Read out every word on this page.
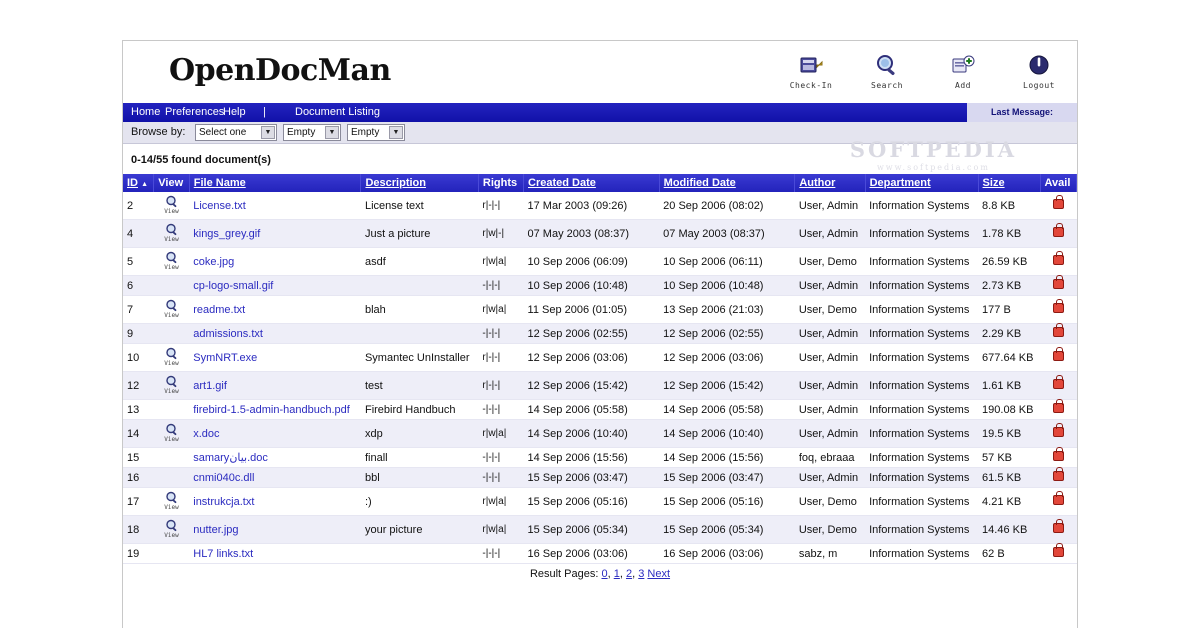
OpenDocMan	Check-In	Search	Add	Logout
Home Preferences
Help |	Document Listing	Last Message:
Browse by:	Select one	▼	Empty	▼	Empty	▼
0-14/55 found document(s)
ID ▲	View	File Name	Description	Rights	Created Date	Modified Date	Author	Department	Size	Avail
2	View	License.txt	License text	r|-|-|	17 Mar 2003 (09:26)	20 Sep 2006 (08:02)	User, Admin	Information Systems	8.8 KB	
4	View	kings_grey.gif	Just a picture	r|w|-|	07 May 2003 (08:37)	07 May 2003 (08:37)	User, Admin	Information Systems	1.78 KB	
5	View	coke.jpg	asdf	r|w|a|	10 Sep 2006 (06:09)	10 Sep 2006 (06:11)	User, Demo	Information Systems	26.59 KB	
6		cp-logo-small.gif		-|-|-|	10 Sep 2006 (10:48)	10 Sep 2006 (10:48)	User, Admin	Information Systems	2.73 KB	
7	View	readme.txt	blah	r|w|a|	11 Sep 2006 (01:05)	13 Sep 2006 (21:03)	User, Demo	Information Systems	177 B	
9		admissions.txt		-|-|-|	12 Sep 2006 (02:55)	12 Sep 2006 (02:55)	User, Admin	Information Systems	2.29 KB	
10	View	SymNRT.exe	Symantec UnInstaller	r|-|-|	12 Sep 2006 (03:06)	12 Sep 2006 (03:06)	User, Admin	Information Systems	677.64 KB	
12	View	art1.gif	test	r|-|-|	12 Sep 2006 (15:42)	12 Sep 2006 (15:42)	User, Admin	Information Systems	1.61 KB	
13		firebird-1.5-admin-handbuch.pdf	Firebird Handbuch	-|-|-|	14 Sep 2006 (05:58)	14 Sep 2006 (05:58)	User, Admin	Information Systems	190.08 KB	
14	View	x.doc	xdp	r|w|a|	14 Sep 2006 (10:40)	14 Sep 2006 (10:40)	User, Admin	Information Systems	19.5 KB	
15		samaryبيان.doc	finall	-|-|-|	14 Sep 2006 (15:56)	14 Sep 2006 (15:56)	foq, ebraaa	Information Systems	57 KB	
16		cnmi040c.dll	bbl	-|-|-|	15 Sep 2006 (03:47)	15 Sep 2006 (03:47)	User, Admin	Information Systems	61.5 KB	
17	View	instrukcja.txt	:)	r|w|a|	15 Sep 2006 (05:16)	15 Sep 2006 (05:16)	User, Demo	Information Systems	4.21 KB	
18	View	nutter.jpg	your picture	r|w|a|	15 Sep 2006 (05:34)	15 Sep 2006 (05:34)	User, Demo	Information Systems	14.46 KB	
19		HL7 links.txt		-|-|-|	16 Sep 2006 (03:06)	16 Sep 2006 (03:06)	sabz, m	Information Systems	62 B	
Result Pages: 0, 1, 2, 3 Next
SOFTPEDIA
www.softpedia.com
